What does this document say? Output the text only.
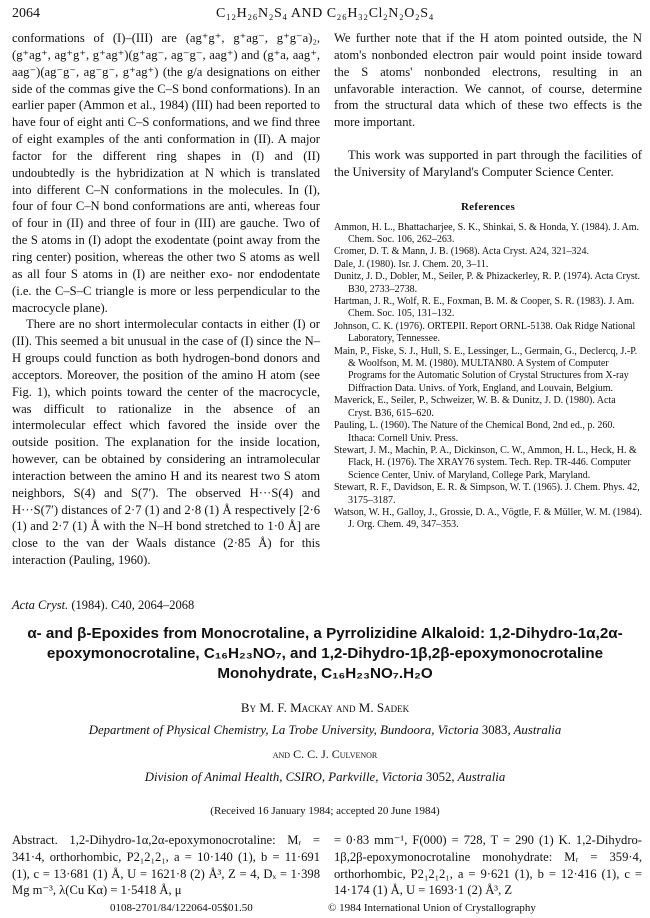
2064	C₁₂H₂₆N₂S₄ AND C₂₆H₃₂Cl₂N₂O₂S₄

conformations of (I)–(III) are (ag⁺g⁺, g⁺ag⁻, g⁺g⁻a)₂, (g⁺ag⁺, ag⁺g⁺, g⁺ag⁺)(g⁺ag⁻, ag⁻g⁻, aag⁺) and (g⁺a, aag⁺, aag⁻)(ag⁻g⁻, ag⁻g⁻, g⁺ag⁺) (the g/a designations on either side of the commas give the C–S bond conformations). In an earlier paper (Ammon et al., 1984) (III) had been reported to have four of eight anti C–S conformations, and we find three of eight examples of the anti conformation in (II). A major factor for the different ring shapes in (I) and (II) undoubtedly is the hybridization at N which is translated into different C–N conformations in the molecules. In (I), four of four C–N bond conformations are anti, whereas four of four in (II) and three of four in (III) are gauche. Two of the S atoms in (I) adopt the exodentate (point away from the ring center) position, whereas the other two S atoms as well as all four S atoms in (I) are neither exo- nor endodentate (i.e. the C–S–C triangle is more or less perpendicular to the macrocycle plane).

There are no short intermolecular contacts in either (I) or (II). This seemed a bit unusual in the case of (I) since the N–H groups could function as both hydrogen-bond donors and acceptors. Moreover, the position of the amino H atom (see Fig. 1), which points toward the center of the macrocycle, was difficult to rationalize in the absence of an intermolecular effect which favored the inside over the outside position. The explanation for the inside location, however, can be obtained by considering an intramolecular interaction between the amino H and its nearest two S atom neighbors, S(4) and S(7′). The observed H···S(4) and H···S(7′) distances of 2·7 (1) and 2·8 (1) Å respectively [2·6 (1) and 2·7 (1) Å with the N–H bond stretched to 1·0 Å] are close to the van der Waals distance (2·85 Å) for this interaction (Pauling, 1960).

We further note that if the H atom pointed outside, the N atom's nonbonded electron pair would point inside toward the S atoms' nonbonded electrons, resulting in an unfavorable interaction. We cannot, of course, determine from the structural data which of these two effects is the more important.

This work was supported in part through the facilities of the University of Maryland's Computer Science Center.

References
Ammon, H. L., Bhattacharjee, S. K., Shinkai, S. & Honda, Y. (1984). J. Am. Chem. Soc. 106, 262–263.
Cromer, D. T. & Mann, J. B. (1968). Acta Cryst. A24, 321–324.
Dale, J. (1980). Isr. J. Chem. 20, 3–11.
Dunitz, J. D., Dobler, M., Seiler, P. & Phizackerley, R. P. (1974). Acta Cryst. B30, 2733–2738.
Hartman, J. R., Wolf, R. E., Foxman, B. M. & Cooper, S. R. (1983). J. Am. Chem. Soc. 105, 131–132.
Johnson, C. K. (1976). ORTEPII. Report ORNL-5138. Oak Ridge National Laboratory, Tennessee.
Main, P., Fiske, S. J., Hull, S. E., Lessinger, L., Germain, G., Declercq, J.-P. & Woolfson, M. M. (1980). MULTAN80. A System of Computer Programs for the Automatic Solution of Crystal Structures from X-ray Diffraction Data. Univs. of York, England, and Louvain, Belgium.
Maverick, E., Seiler, P., Schweizer, W. B. & Dunitz, J. D. (1980). Acta Cryst. B36, 615–620.
Pauling, L. (1960). The Nature of the Chemical Bond, 2nd ed., p. 260. Ithaca: Cornell Univ. Press.
Stewart, J. M., Machin, P. A., Dickinson, C. W., Ammon, H. L., Heck, H. & Flack, H. (1976). The XRAY76 system. Tech. Rep. TR-446. Computer Science Center, Univ. of Maryland, College Park, Maryland.
Stewart, R. F., Davidson, E. R. & Simpson, W. T. (1965). J. Chem. Phys. 42, 3175–3187.
Watson, W. H., Galloy, J., Grossie, D. A., Vögtle, F. & Müller, W. M. (1984). J. Org. Chem. 49, 347–353.
Acta Cryst. (1984). C40, 2064–2068
α- and β-Epoxides from Monocrotaline, a Pyrrolizidine Alkaloid: 1,2-Dihydro-1α,2α-epoxymonocrotaline, C₁₆H₂₃NO₇, and 1,2-Dihydro-1β,2β-epoxymonocrotaline Monohydrate, C₁₆H₂₃NO₇.H₂O
By M. F. Mackay and M. Sadek
Department of Physical Chemistry, La Trobe University, Bundoora, Victoria 3083, Australia
and C. C. J. Culvenor
Division of Animal Health, CSIRO, Parkville, Victoria 3052, Australia
(Received 16 January 1984; accepted 20 June 1984)
Abstract. 1,2-Dihydro-1α,2α-epoxymonocrotaline: Mᵣ = 341·4, orthorhombic, P2₁2₁2₁, a = 10·140 (1), b = 11·691 (1), c = 13·681 (1) Å, U = 1621·8 (2) Å³, Z = 4, Dₓ = 1·398 Mg m⁻³, λ(Cu Kα) = 1·5418 Å, μ
= 0·83 mm⁻¹, F(000) = 728, T = 290 (1) K. 1,2-Dihydro-1β,2β-epoxymonocrotaline monohydrate: Mᵣ = 359·4, orthorhombic, P2₁2₁2₁, a = 9·621 (1), b = 12·416 (1), c = 14·174 (1) Å, U = 1693·1 (2) Å³, Z
0108-2701/84/122064-05$01.50	© 1984 International Union of Crystallography
